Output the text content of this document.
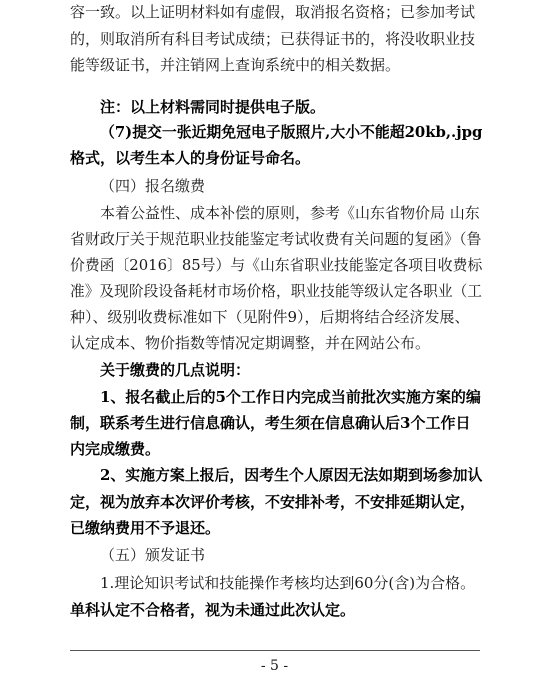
容一致。以上证明材料如有虚假，取消报名资格；已参加考试
的，则取消所有科目考试成绩；已获得证书的，将没收职业技
能等级证书，并注销网上查询系统中的相关数据。
注：以上材料需同时提供电子版。
（7)提交一张近期免冠电子版照片,大小不能超20kb,.jpg
格式，以考生本人的身份证号命名。
（四）报名缴费
本着公益性、成本补偿的原则，参考《山东省物价局 山东
省财政厅关于规范职业技能鉴定考试收费有关问题的复函》（鲁
价费函〔2016〕85号）与《山东省职业技能鉴定各项目收费标
准》及现阶段设备耗材市场价格，职业技能等级认定各职业（工
种）、级别收费标准如下（见附件9），后期将结合经济发展、
认定成本、物价指数等情况定期调整，并在网站公布。
关于缴费的几点说明：
1、报名截止后的5个工作日内完成当前批次实施方案的编
制，联系考生进行信息确认，考生须在信息确认后3个工作日
内完成缴费。
2、实施方案上报后，因考生个人原因无法如期到场参加认
定，视为放弃本次评价考核，不安排补考，不安排延期认定，
已缴纳费用不予退还。
（五）颁发证书
1.理论知识考试和技能操作考核均达到60分(含)为合格。
单科认定不合格者，视为未通过此次认定。
- 5 -
